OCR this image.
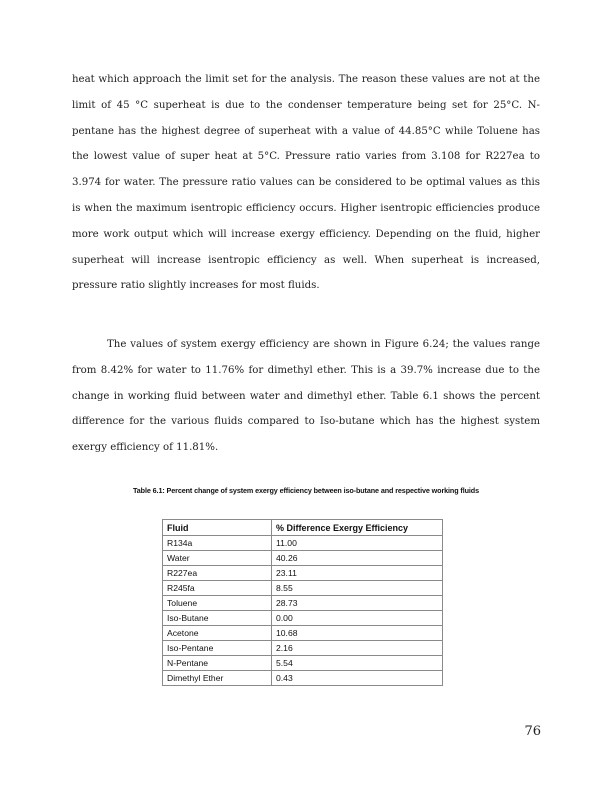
heat which approach the limit set for the analysis. The reason these values are not at the limit of 45 °C superheat is due to the condenser temperature being set for 25°C. N-pentane has the highest degree of superheat with a value of 44.85°C while Toluene has the lowest value of super heat at 5°C. Pressure ratio varies from 3.108 for R227ea to 3.974 for water. The pressure ratio values can be considered to be optimal values as this is when the maximum isentropic efficiency occurs. Higher isentropic efficiencies produce more work output which will increase exergy efficiency. Depending on the fluid, higher superheat will increase isentropic efficiency as well. When superheat is increased, pressure ratio slightly increases for most fluids.

The values of system exergy efficiency are shown in Figure 6.24; the values range from 8.42% for water to 11.76% for dimethyl ether. This is a 39.7% increase due to the change in working fluid between water and dimethyl ether. Table 6.1 shows the percent difference for the various fluids compared to Iso-butane which has the highest system exergy efficiency of 11.81%.

Table 6.1: Percent change of system exergy efficiency between iso-butane and respective working fluids

Fluid	% Difference Exergy Efficiency
R134a	11.00
Water	40.26
R227ea	23.11
R245fa	8.55
Toluene	28.73
Iso-Butane	0.00
Acetone	10.68
Iso-Pentane	2.16
N-Pentane	5.54
Dimethyl Ether	0.43
76
